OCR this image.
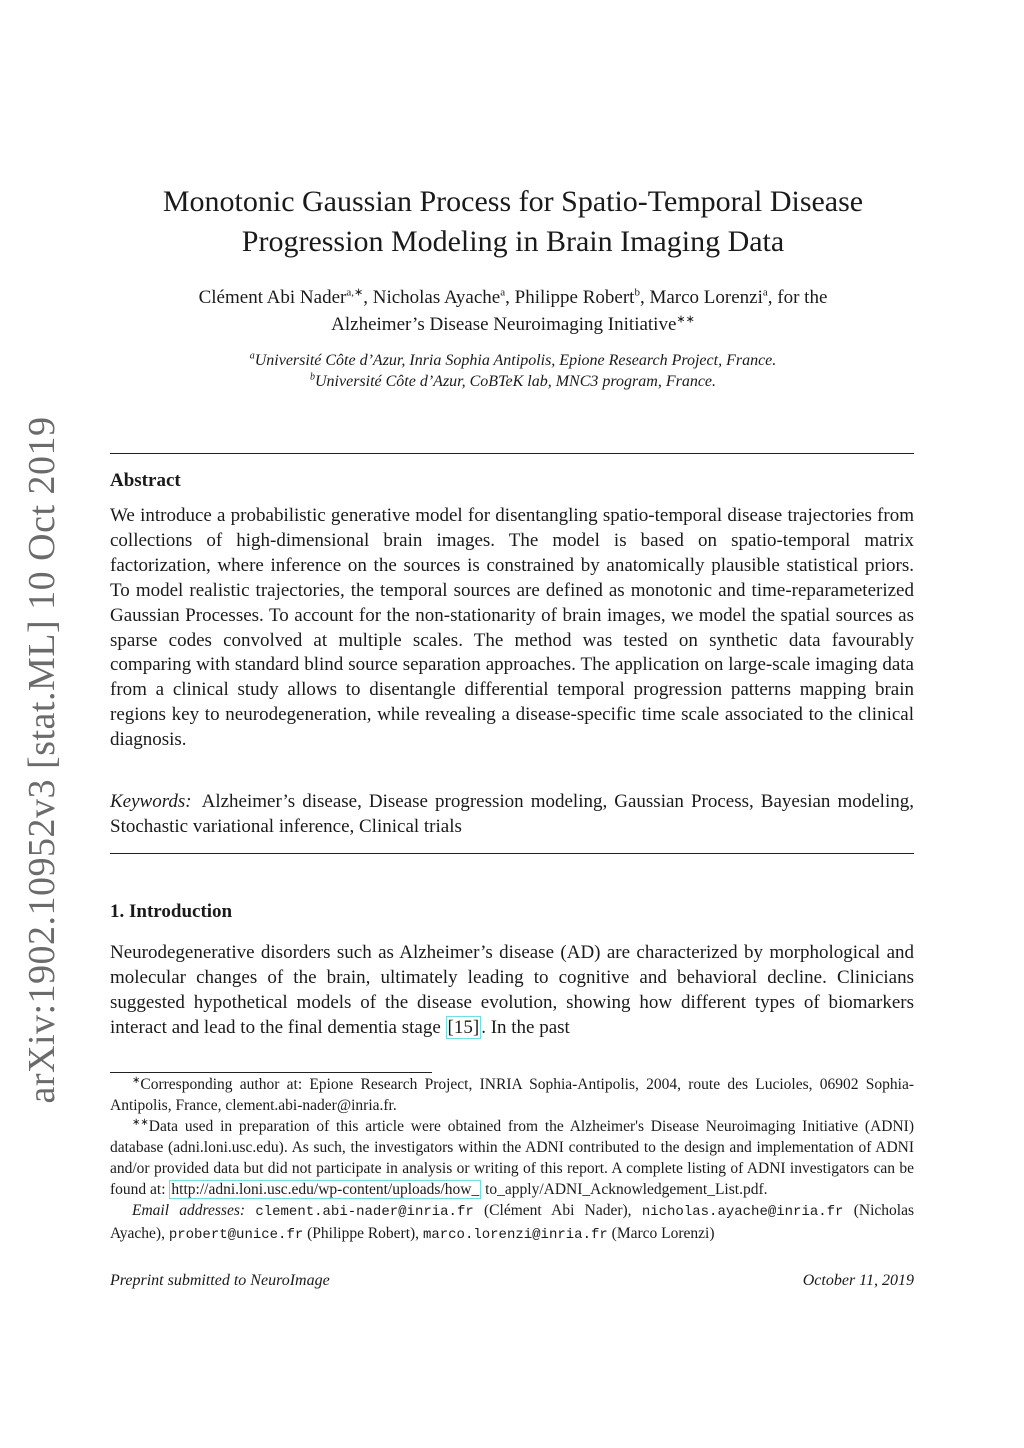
arXiv:1902.10952v3 [stat.ML] 10 Oct 2019
Monotonic Gaussian Process for Spatio-Temporal Disease
Progression Modeling in Brain Imaging Data
Clément Abi Nader$^{a,∗}$, Nicholas Ayache$^a$, Philippe Robert$^b$, Marco Lorenzi$^a$, for the
Alzheimer’s Disease Neuroimaging Initiative∗∗
$^a$Université Côte d’Azur, Inria Sophia Antipolis, Epione Research Project, France.
$^b$Université Côte d’Azur, CoBTeK lab, MNC3 program, France.
Abstract
We introduce a probabilistic generative model for disentangling spatio-temporal disease trajectories from collections of high-dimensional brain images. The model is based on spatio-temporal matrix factorization, where inference on the sources is constrained by anatomically plausible statistical priors. To model realistic trajectories, the temporal sources are defined as monotonic and time-reparameterized Gaussian Processes. To account for the non-stationarity of brain images, we model the spatial sources as sparse codes convolved at multiple scales. The method was tested on synthetic data favourably comparing with standard blind source separation approaches. The application on large-scale imaging data from a clinical study allows to disentangle differential temporal progression patterns mapping brain regions key to neurodegeneration, while revealing a disease-specific time scale associated to the clinical diagnosis.
Keywords: Alzheimer’s disease, Disease progression modeling, Gaussian Process, Bayesian modeling, Stochastic variational inference, Clinical trials
1. Introduction
Neurodegenerative disorders such as Alzheimer’s disease (AD) are characterized by morphological and molecular changes of the brain, ultimately leading to cognitive and behavioral decline. Clinicians suggested hypothetical models of the disease evolution, showing how different types of biomarkers interact and lead to the final dementia stage [15] . In the past

∗Corresponding author at: Epione Research Project, INRIA Sophia-Antipolis, 2004, route des Lucioles, 06902 Sophia-Antipolis, France, clement.abi-nader@inria.fr.

∗∗Data used in preparation of this article were obtained from the Alzheimer's Disease Neuroimaging Initiative (ADNI) database (adni.loni.usc.edu). As such, the investigators within the ADNI contributed to the design and implementation of ADNI and/or provided data but did not participate in analysis or writing of this report. A complete listing of ADNI investigators can be found at: http://adni.loni.usc.edu/wp-content/uploads/how_ to_apply/ADNI_Acknowledgement_List.pdf.

Email addresses: clement.abi-nader@inria.fr (Clément Abi Nader), nicholas.ayache@inria.fr (Nicholas Ayache), probert@unice.fr (Philippe Robert), marco.lorenzi@inria.fr (Marco Lorenzi)

Preprint submitted to NeuroImage	October 11, 2019
